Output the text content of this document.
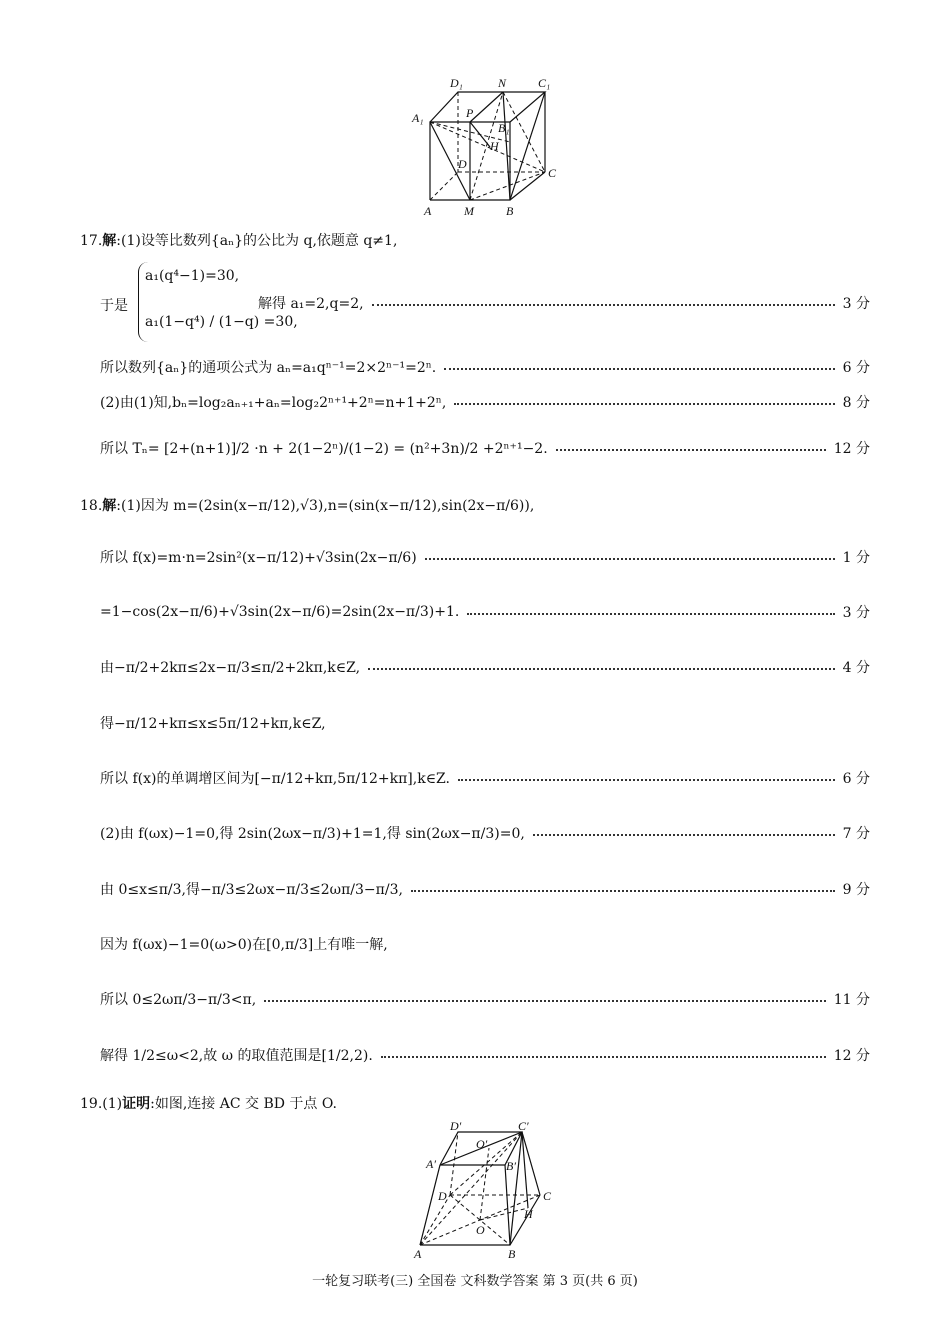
D₁	N	C₁
A₁	P
B₁
H
D
C
A	M	B
17.解:(1)设等比数列{aₙ}的公比为 q,依题意 q≠1,
于是
a₁(q⁴−1)=30,
a₁(1−q⁴) / (1−q) =30,
解得 a₁=2,q=2,	3 分
所以数列{aₙ}的通项公式为 aₙ=a₁qⁿ⁻¹=2×2ⁿ⁻¹=2ⁿ.	6 分
(2)由(1)知,bₙ=log₂aₙ₊₁+aₙ=log₂2ⁿ⁺¹+2ⁿ=n+1+2ⁿ,	8 分
所以 Tₙ= [2+(n+1)]/2 ·n + 2(1−2ⁿ)/(1−2) = (n²+3n)/2 +2ⁿ⁺¹−2.	12 分
18.解:(1)因为 m=(2sin(x−π/12),√3),n=(sin(x−π/12),sin(2x−π/6)),
所以 f(x)=m·n=2sin²(x−π/12)+√3sin(2x−π/6)	1 分
=1−cos(2x−π/6)+√3sin(2x−π/6)=2sin(2x−π/3)+1.	3 分
由−π/2+2kπ≤2x−π/3≤π/2+2kπ,k∈Z,	4 分
得−π/12+kπ≤x≤5π/12+kπ,k∈Z,
所以 f(x)的单调增区间为[−π/12+kπ,5π/12+kπ],k∈Z.	6 分
(2)由 f(ωx)−1=0,得 2sin(2ωx−π/3)+1=1,得 sin(2ωx−π/3)=0,	7 分
由 0≤x≤π/3,得−π/3≤2ωx−π/3≤2ωπ/3−π/3,	9 分
因为 f(ωx)−1=0(ω>0)在[0,π/3]上有唯一解,
所以 0≤2ωπ/3−π/3<π,	11 分
解得 1/2≤ω<2,故 ω 的取值范围是[1/2,2).	12 分
19.(1)证明:如图,连接 AC 交 BD 于点 O.
D′
O′
C′
A′	B′
D	C
H
O
A	B
一轮复习联考(三) 全国卷 文科数学答案 第 3 页(共 6 页)
